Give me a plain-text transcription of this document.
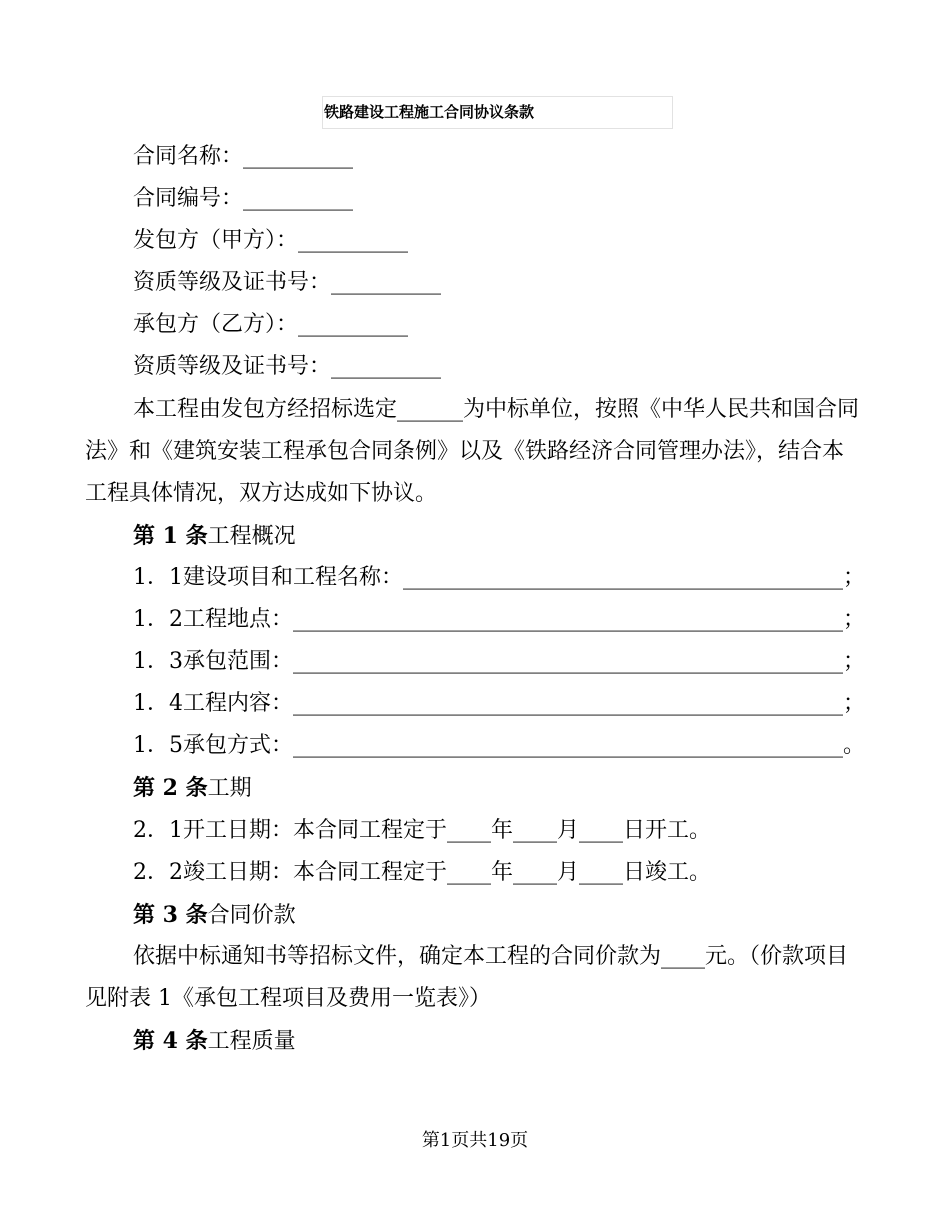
铁路建设工程施工合同协议条款
合同名称：__________
合同编号：__________
发包方（甲方）：__________
资质等级及证书号：__________
承包方（乙方）：__________
资质等级及证书号：__________
本工程由发包方经招标选定______为中标单位，按照《中华人民共和国合同
法》和《建筑安装工程承包合同条例》以及《铁路经济合同管理办法》，结合本
工程具体情况，双方达成如下协议。
第 1 条工程概况
1．1建设项目和工程名称：________________________________________；
1．2工程地点：__________________________________________________；
1．3承包范围：__________________________________________________；
1．4工程内容：__________________________________________________；
1．5承包方式：__________________________________________________。
第 2 条工期
2．1开工日期：本合同工程定于____年____月____日开工。
2．2竣工日期：本合同工程定于____年____月____日竣工。
第 3 条合同价款
依据中标通知书等招标文件，确定本工程的合同价款为____元。（价款项目
见附表 1《承包工程项目及费用一览表》）
第 4 条工程质量
第1页共19页
